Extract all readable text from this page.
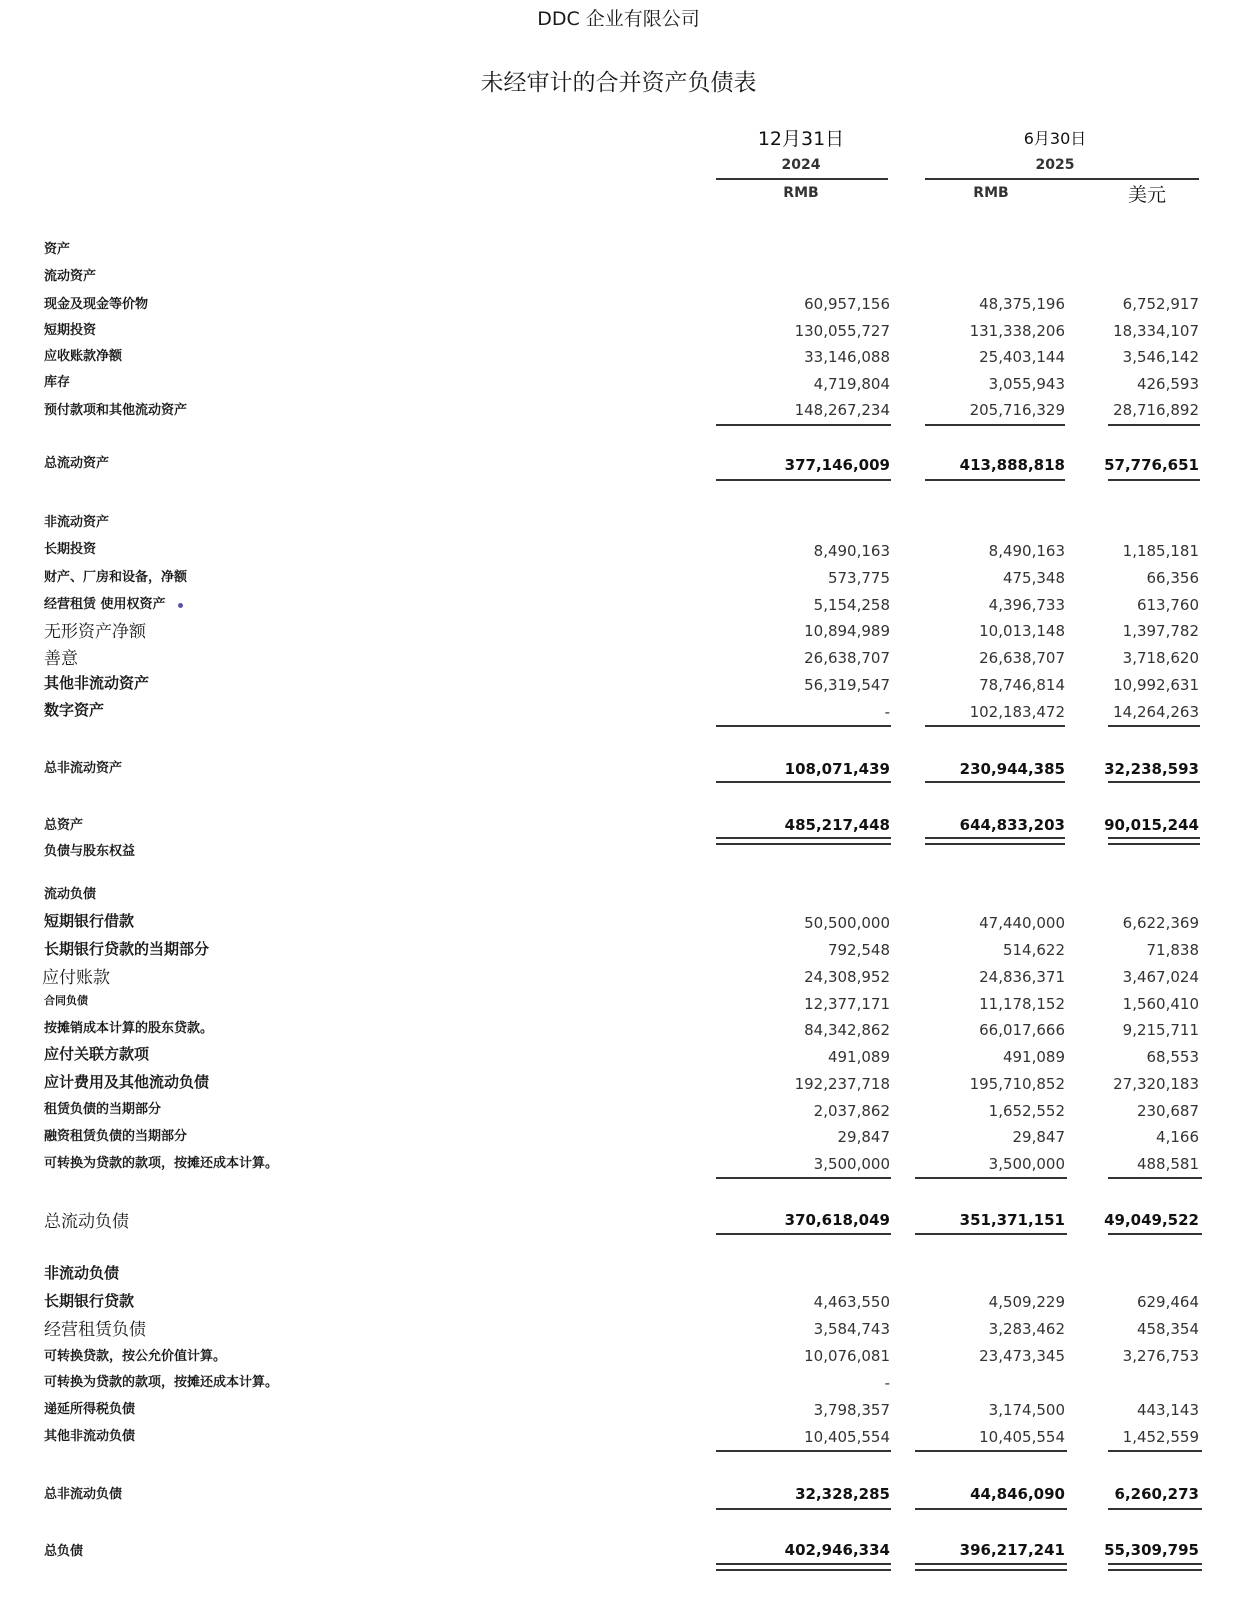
DDC 企业有限公司
未经审计的合并资产负债表
12月31日
2024
RMB
6月30日
2025
RMB	美元
资产
流动资产
现金及现金等价物	60,957,156	48,375,196	6,752,917
短期投资	130,055,727	131,338,206	18,334,107
应收账款净额	33,146,088	25,403,144	3,546,142
库存	4,719,804	3,055,943	426,593
预付款项和其他流动资产	148,267,234	205,716,329	28,716,892
总流动资产	377,146,009	413,888,818	57,776,651
非流动资产
长期投资	8,490,163	8,490,163	1,185,181
财产、厂房和设备，净额	573,775	475,348	66,356
经营租赁 使用权资产	5,154,258	4,396,733	613,760
无形资产净额	10,894,989	10,013,148	1,397,782
善意	26,638,707	26,638,707	3,718,620
其他非流动资产	56,319,547	78,746,814	10,992,631
数字资产	-	102,183,472	14,264,263
总非流动资产	108,071,439	230,944,385	32,238,593
总资产	485,217,448	644,833,203	90,015,244
负债与股东权益
流动负债
短期银行借款	50,500,000	47,440,000	6,622,369
长期银行贷款的当期部分	792,548	514,622	71,838
应付账款	24,308,952	24,836,371	3,467,024
合同负债	12,377,171	11,178,152	1,560,410
按摊销成本计算的股东贷款。	84,342,862	66,017,666	9,215,711
应付关联方款项	491,089	491,089	68,553
应计费用及其他流动负债	192,237,718	195,710,852	27,320,183
租赁负债的当期部分	2,037,862	1,652,552	230,687
融资租赁负债的当期部分	29,847	29,847	4,166
可转换为贷款的款项，按摊还成本计算。	3,500,000	3,500,000	488,581
总流动负债	370,618,049	351,371,151	49,049,522
非流动负债
长期银行贷款	4,463,550	4,509,229	629,464
经营租赁负债	3,584,743	3,283,462	458,354
可转换贷款，按公允价值计算。	10,076,081	23,473,345	3,276,753
可转换为贷款的款项，按摊还成本计算。	-
递延所得税负债	3,798,357	3,174,500	443,143
其他非流动负债	10,405,554	10,405,554	1,452,559
总非流动负债	32,328,285	44,846,090	6,260,273
总负债	402,946,334	396,217,241	55,309,795
